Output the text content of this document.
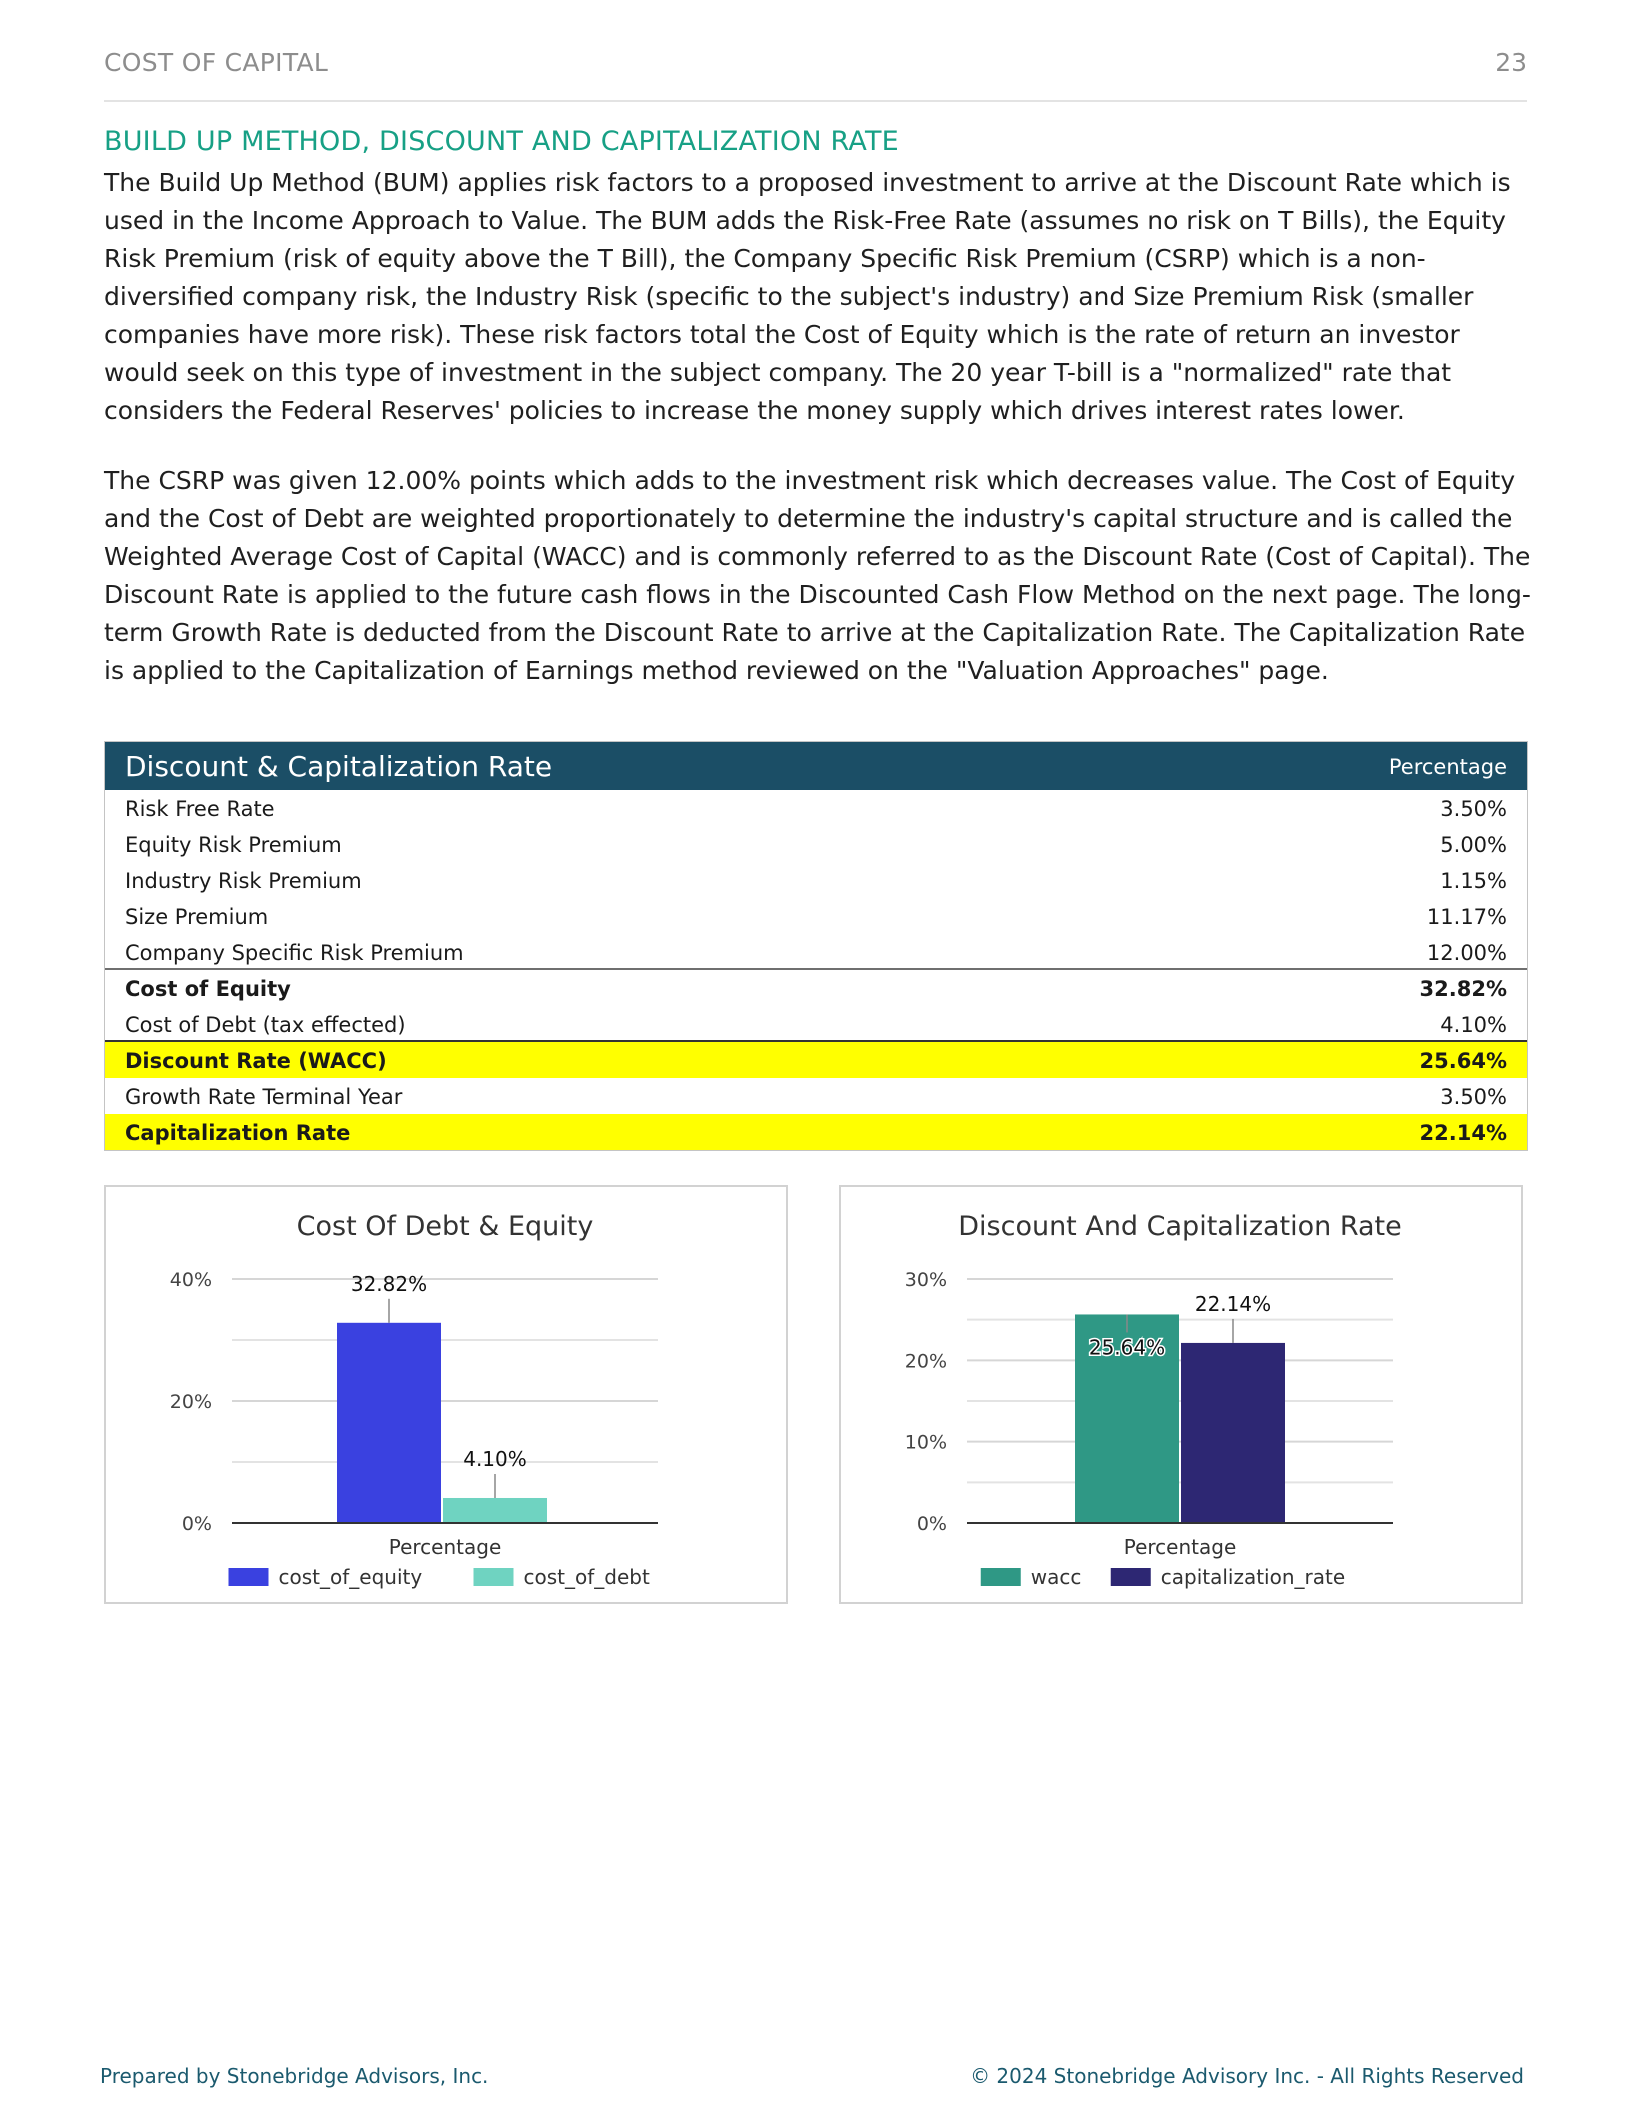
COST OF CAPITAL	23
BUILD UP METHOD, DISCOUNT AND CAPITALIZATION RATE

The Build Up Method (BUM) applies risk factors to a proposed investment to arrive at the Discount Rate which is used in the Income Approach to Value. The BUM adds the Risk-Free Rate (assumes no risk on T Bills), the Equity Risk Premium (risk of equity above the T Bill), the Company Specific Risk Premium (CSRP) which is a non-diversified company risk, the Industry Risk (specific to the subject's industry) and Size Premium Risk (smaller companies have more risk). These risk factors total the Cost of Equity which is the rate of return an investor would seek on this type of investment in the subject company. The 20 year T-bill is a "normalized" rate that considers the Federal Reserves' policies to increase the money supply which drives interest rates lower.

The CSRP was given 12.00% points which adds to the investment risk which decreases value. The Cost of Equity and the Cost of Debt are weighted proportionately to determine the industry's capital structure and is called the Weighted Average Cost of Capital (WACC) and is commonly referred to as the Discount Rate (Cost of Capital). The Discount Rate is applied to the future cash flows in the Discounted Cash Flow Method on the next page. The long-term Growth Rate is deducted from the Discount Rate to arrive at the Capitalization Rate. The Capitalization Rate is applied to the Capitalization of Earnings method reviewed on the "Valuation Approaches" page.

Discount & Capitalization Rate	Percentage
Risk Free Rate	3.50%
Equity Risk Premium	5.00%
Industry Risk Premium	1.15%
Size Premium	11.17%
Company Specific Risk Premium	12.00%
Cost of Equity	32.82%
Cost of Debt (tax effected)	4.10%
Discount Rate (WACC)	25.64%
Growth Rate Terminal Year	3.50%
Capitalization Rate	22.14%
Cost Of Debt & Equity
0%
20%
40%	32.82%
4.10%
Percentage
cost_of_equity	cost_of_debt
Discount And Capitalization Rate
0%
10%
20%
30%
25.64%
22.14%
Percentage
wacc	capitalization_rate
Prepared by Stonebridge Advisors, Inc.	© 2024 Stonebridge Advisory Inc. - All Rights Reserved
